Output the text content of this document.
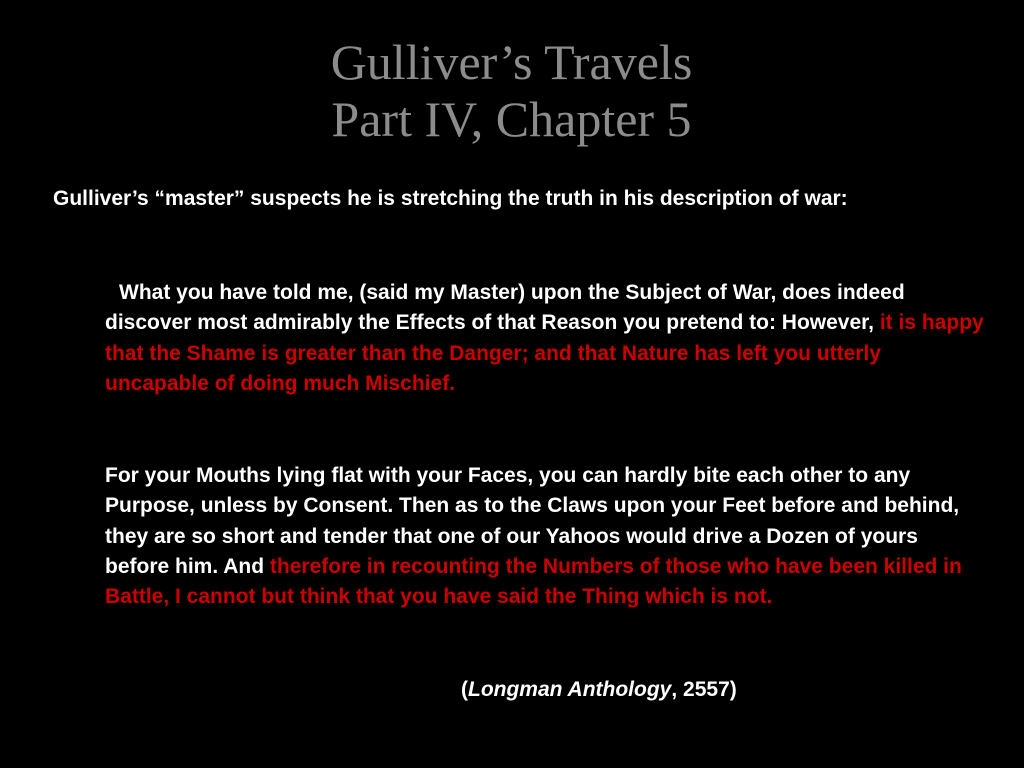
Gulliver’s Travels
Part IV, Chapter 5
Gulliver’s “master” suspects he is stretching the truth in his description of war:
What you have told me, (said my Master) upon the Subject of War, does indeed discover most admirably the Effects of that Reason you pretend to: However, it is happy that the Shame is greater than the Danger; and that Nature has left you utterly uncapable of doing much Mischief.
For your Mouths lying flat with your Faces, you can hardly bite each other to any Purpose, unless by Consent. Then as to the Claws upon your Feet before and behind, they are so short and tender that one of our Yahoos would drive a Dozen of yours before him. And therefore in recounting the Numbers of those who have been killed in Battle, I cannot but think that you have said the Thing which is not.
(Longman Anthology, 2557)
